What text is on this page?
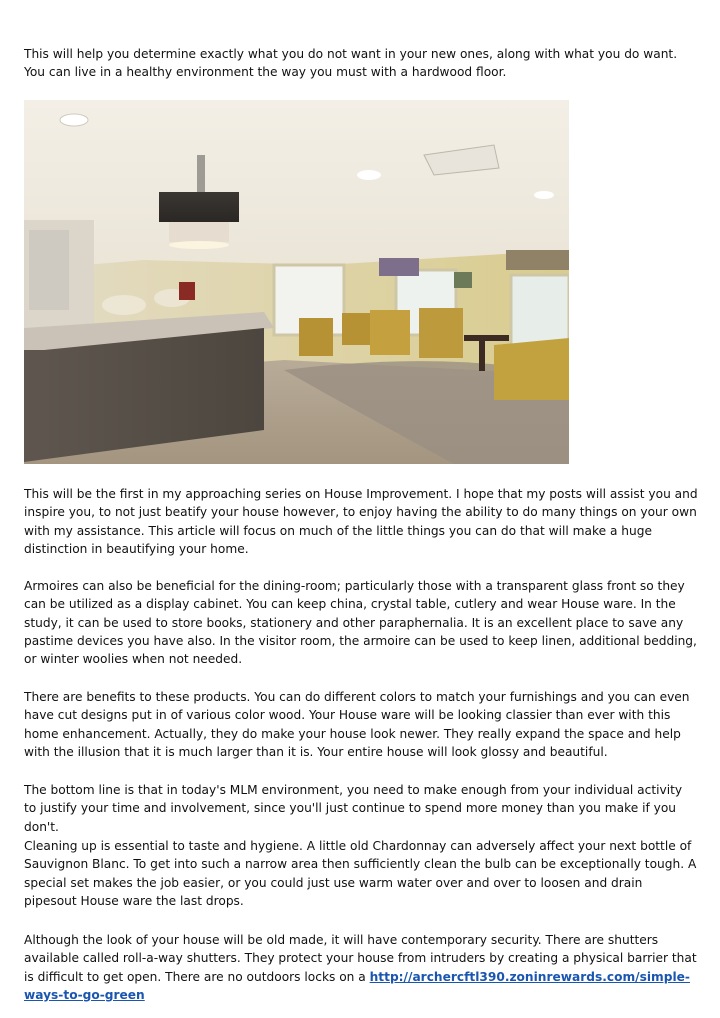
This will help you determine exactly what you do not want in your new ones, along with what you do want. You can live in a healthy environment the way you must with a hardwood floor.

This will be the first in my approaching series on House Improvement. I hope that my posts will assist you and inspire you, to not just beatify your house however, to enjoy having the ability to do many things on your own with my assistance. This article will focus on much of the little things you can do that will make a huge distinction in beautifying your home.

Armoires can also be beneficial for the dining-room; particularly those with a transparent glass front so they can be utilized as a display cabinet. You can keep china, crystal table, cutlery and wear House ware. In the study, it can be used to store books, stationery and other paraphernalia. It is an excellent place to save any pastime devices you have also. In the visitor room, the armoire can be used to keep linen, additional bedding, or winter woolies when not needed.

There are benefits to these products. You can do different colors to match your furnishings and you can even have cut designs put in of various color wood. Your House ware will be looking classier than ever with this home enhancement. Actually, they do make your house look newer. They really expand the space and help with the illusion that it is much larger than it is. Your entire house will look glossy and beautiful.

The bottom line is that in today's MLM environment, you need to make enough from your individual activity to justify your time and involvement, since you'll just continue to spend more money than you make if you don't.

Cleaning up is essential to taste and hygiene. A little old Chardonnay can adversely affect your next bottle of Sauvignon Blanc. To get into such a narrow area then sufficiently clean the bulb can be exceptionally tough. A special set makes the job easier, or you could just use warm water over and over to loosen and drain pipesout House ware the last drops.

Although the look of your house will be old made, it will have contemporary security. There are shutters available called roll-a-way shutters. They protect your house from intruders by creating a physical barrier that is difficult to get open. There are no outdoors locks on a http://archercftl390.zoninrewards.com/simple-ways-to-go-green
